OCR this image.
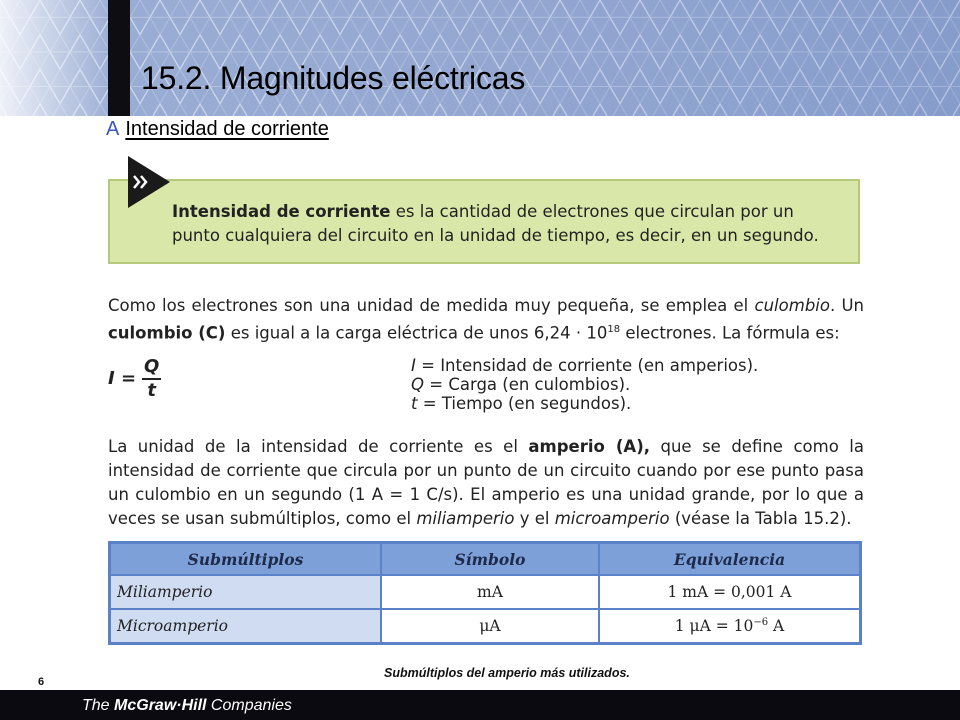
15.2. Magnitudes eléctricas
A Intensidad de corriente
Intensidad de corriente es la cantidad de electrones que circulan por un punto cualquiera del circuito en la unidad de tiempo, es decir, en un segundo.
Como los electrones son una unidad de medida muy pequeña, se emplea el culombio. Un culombio (C) es igual a la carga eléctrica de unos $6,24 \cdot 10^{18}$ electrones. La fórmula es:
$I = \frac{Q}{t}$	I = Intensidad de corriente (en amperios).
Q = Carga (en culombios).
t = Tiempo (en segundos).
La unidad de la intensidad de corriente es el amperio (A), que se define como la intensidad de corriente que circula por un punto de un circuito cuando por ese punto pasa un culombio en un segundo (1 A = 1 C/s). El amperio es una unidad grande, por lo que a veces se usan submúltiplos, como el miliamperio y el microamperio (véase la Tabla 15.2).
Submúltiplos	Símbolo	Equivalencia
Miliamperio	mA	1 mA = 0,001 A
Microamperio	μA	1 $\mu A = 10^{-6}$ A
Submúltiplos del amperio más utilizados.
6
The McGraw·Hill Companies
